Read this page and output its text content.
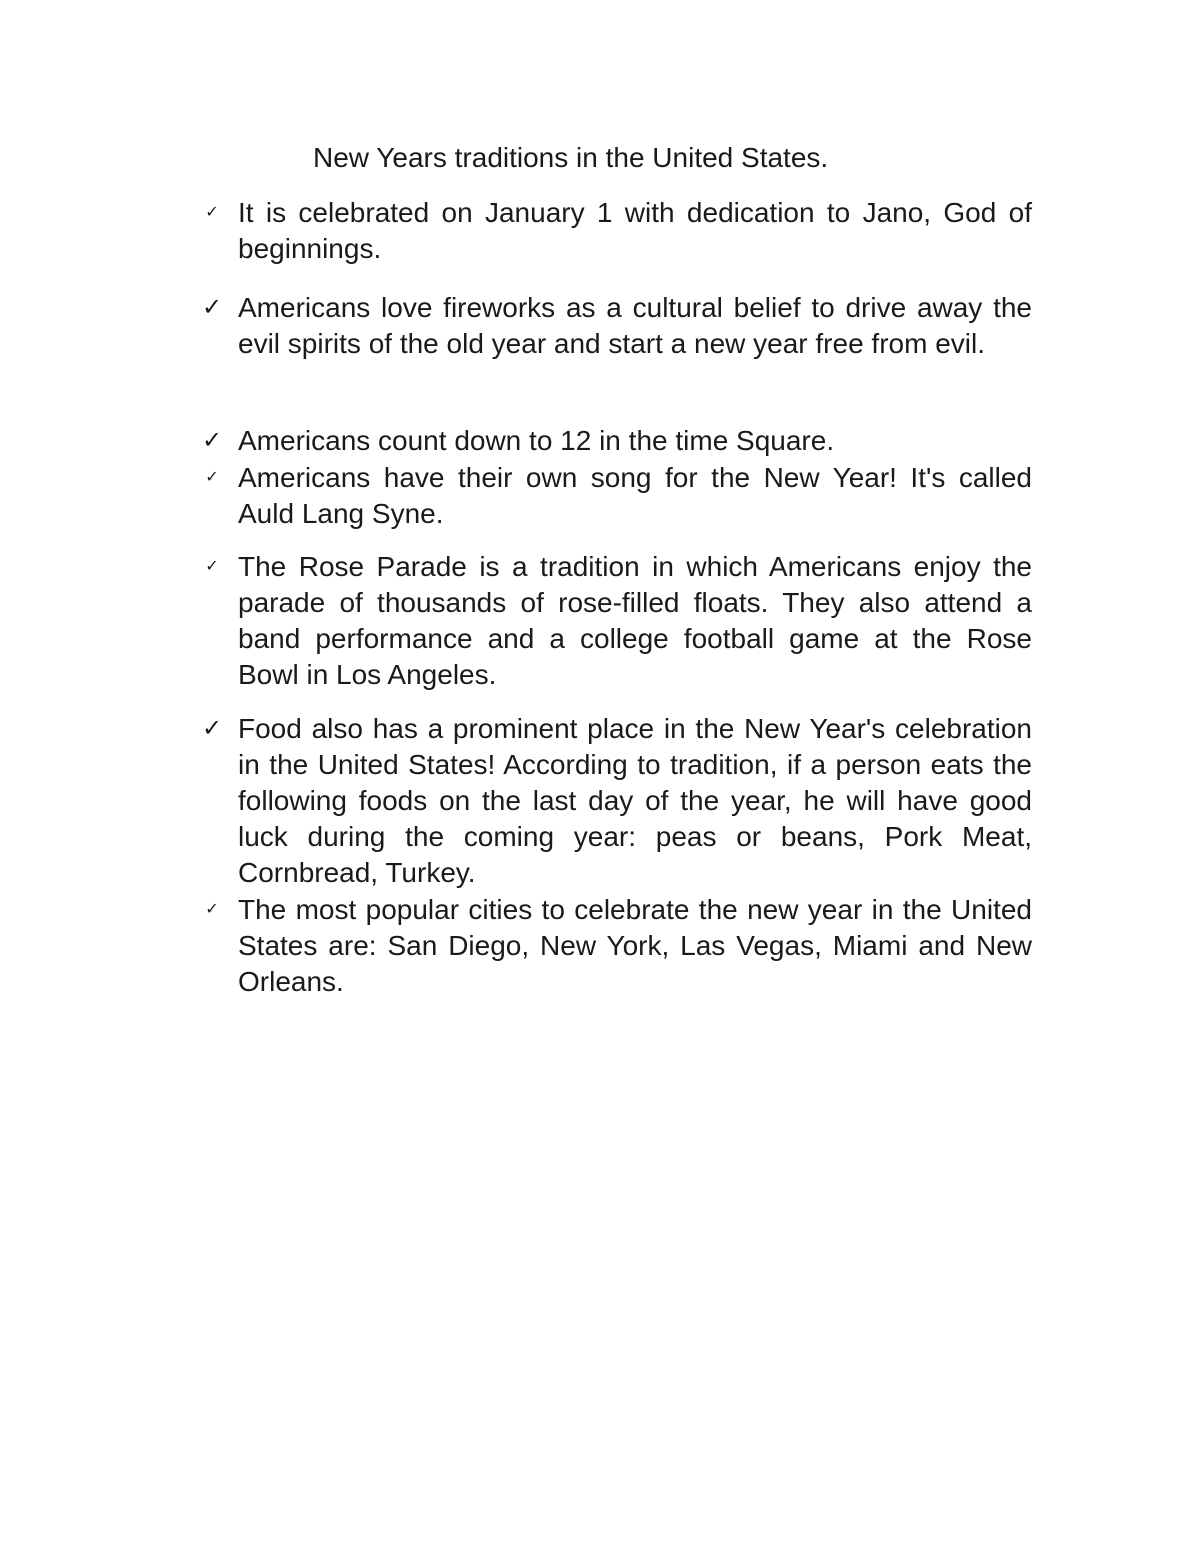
New Years traditions in the United States.
✓ It is celebrated on January 1 with dedication to Jano, God of beginnings.

✓ Americans love fireworks as a cultural belief to drive away the evil spirits of the old year and start a new year free from evil.

✓ Americans count down to 12 in the time Square.

✓ Americans have their own song for the New Year! It's called Auld Lang Syne.

✓ The Rose Parade is a tradition in which Americans enjoy the parade of thousands of rose-filled floats. They also attend a band performance and a college football game at the Rose Bowl in Los Angeles.

✓ Food also has a prominent place in the New Year's celebration in the United States! According to tradition, if a person eats the following foods on the last day of the year, he will have good luck during the coming year: peas or beans, Pork Meat, Cornbread, Turkey.

✓ The most popular cities to celebrate the new year in the United States are: San Diego, New York, Las Vegas, Miami and New Orleans.
